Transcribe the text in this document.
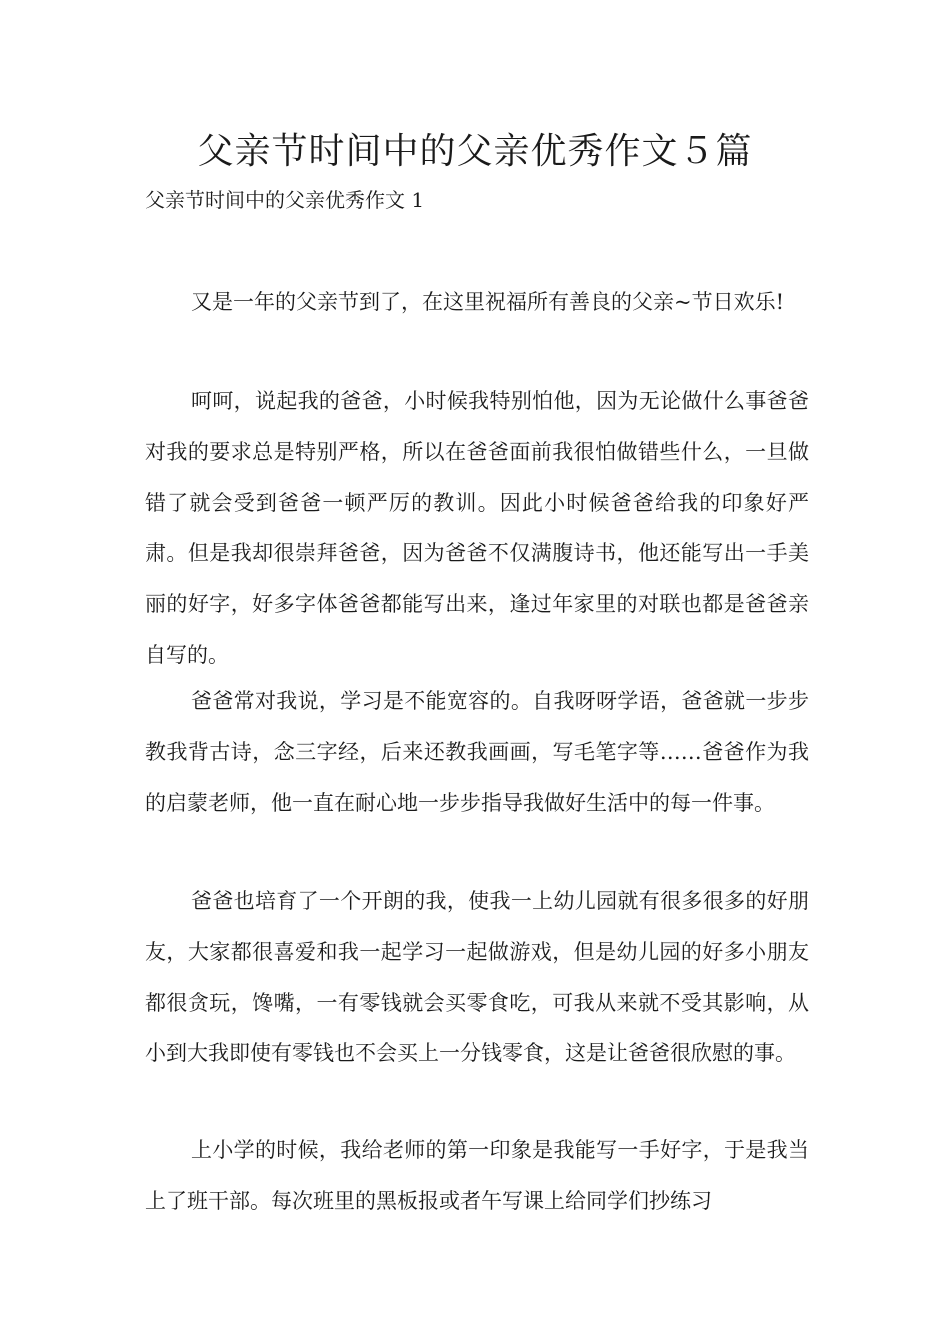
父亲节时间中的父亲优秀作文５篇

父亲节时间中的父亲优秀作文 1

又是一年的父亲节到了，在这里祝福所有善良的父亲~节日欢乐!

呵呵，说起我的爸爸，小时候我特别怕他，因为无论做什么事爸爸对我的要求总是特别严格，所以在爸爸面前我很怕做错些什么，一旦做错了就会受到爸爸一顿严厉的教训。因此小时候爸爸给我的印象好严肃。但是我却很崇拜爸爸，因为爸爸不仅满腹诗书，他还能写出一手美丽的好字，好多字体爸爸都能写出来，逢过年家里的对联也都是爸爸亲自写的。

爸爸常对我说，学习是不能宽容的。自我呀呀学语，爸爸就一步步教我背古诗，念三字经，后来还教我画画，写毛笔字等……爸爸作为我的启蒙老师，他一直在耐心地一步步指导我做好生活中的每一件事。

爸爸也培育了一个开朗的我，使我一上幼儿园就有很多很多的好朋友，大家都很喜爱和我一起学习一起做游戏，但是幼儿园的好多小朋友都很贪玩，馋嘴，一有零钱就会买零食吃，可我从来就不受其影响，从小到大我即使有零钱也不会买上一分钱零食，这是让爸爸很欣慰的事。

上小学的时候，我给老师的第一印象是我能写一手好字，于是我当上了班干部。每次班里的黑板报或者午写课上给同学们抄练习
